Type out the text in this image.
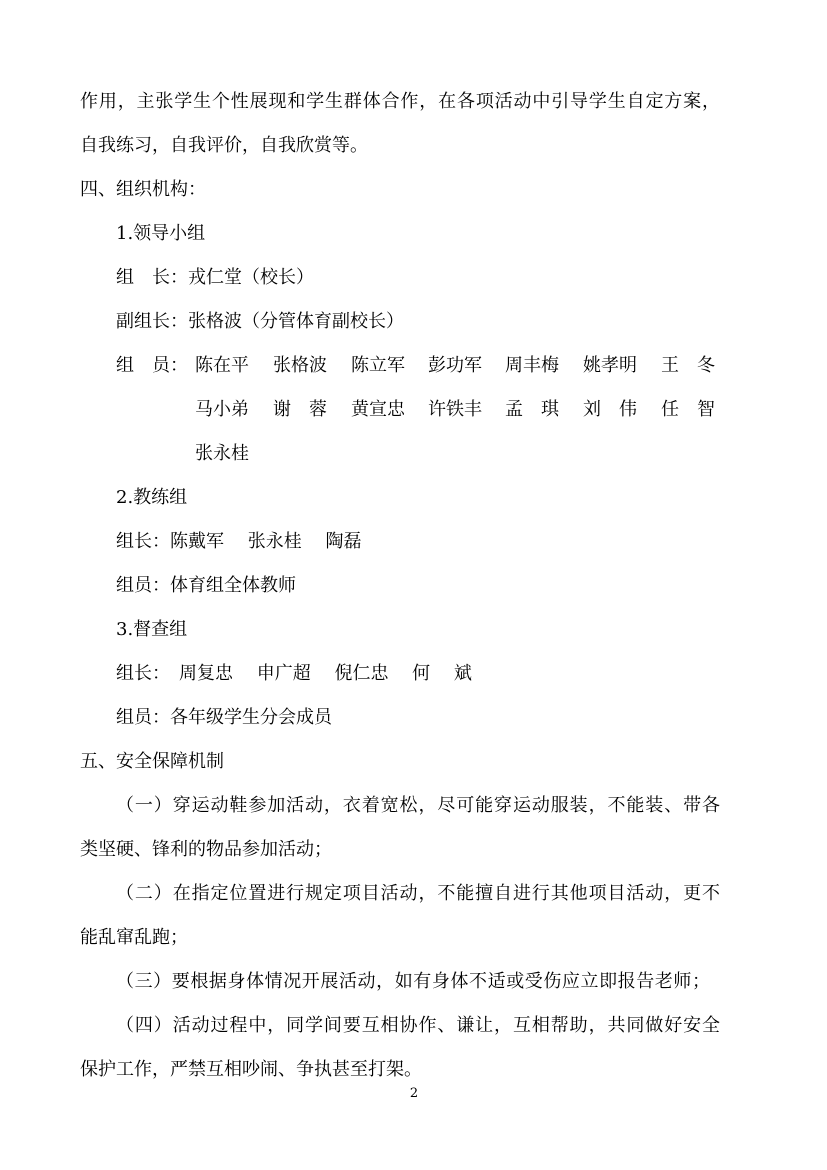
作用，主张学生个性展现和学生群体合作，在各项活动中引导学生自定方案，
自我练习，自我评价，自我欣赏等。
四、组织机构：
1.领导小组
组　长：戎仁堂（校长）
副组长：张格波（分管体育副校长）
组　员： 陈在平 张格波 陈立军 彭功军 周丰梅 姚孝明 王　冬
马小弟 谢　蓉 黄宣忠 许铁丰 孟　琪 刘　伟 任　智
张永桂
2.教练组
组长：陈戴军　 张永桂　 陶磊
组员：体育组全体教师
3.督查组
组长：　周复忠　 申广超　 倪仁忠　 何　 斌
组员：各年级学生分会成员
五、安全保障机制
（一）穿运动鞋参加活动，衣着宽松，尽可能穿运动服装，不能装、带各
类坚硬、锋利的物品参加活动；
（二）在指定位置进行规定项目活动，不能擅自进行其他项目活动，更不
能乱窜乱跑；
（三）要根据身体情况开展活动，如有身体不适或受伤应立即报告老师；
（四）活动过程中，同学间要互相协作、谦让，互相帮助，共同做好安全
保护工作，严禁互相吵闹、争执甚至打架。
2
